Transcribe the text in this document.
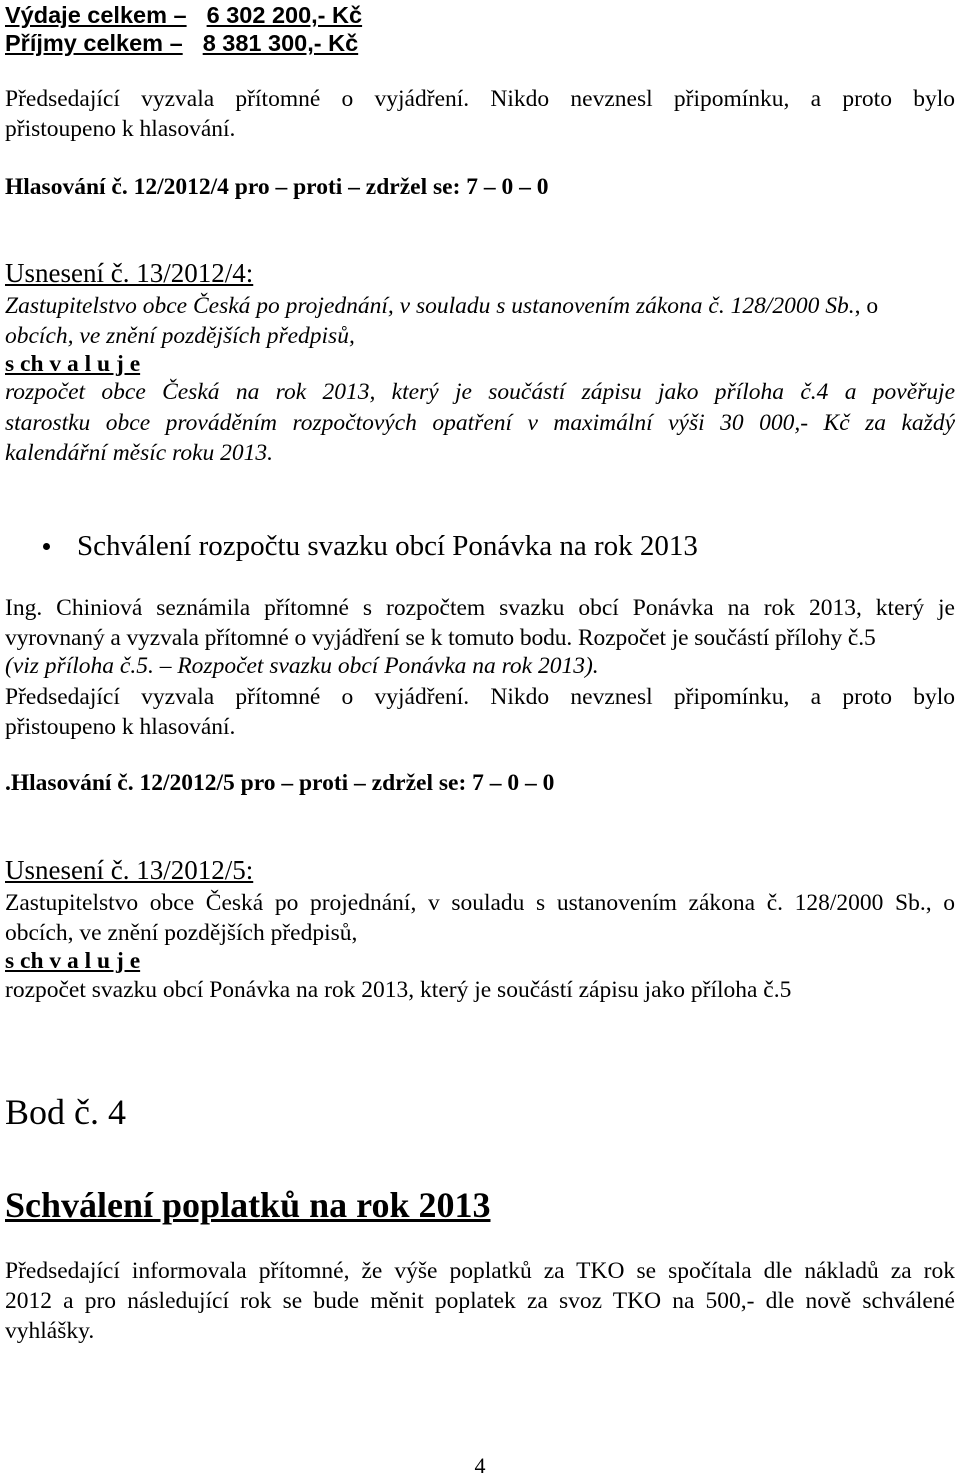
Výdaje celkem – 6 302 200,- Kč
Příjmy celkem – 8 381 300,- Kč
Předsedající vyzvala přítomné o vyjádření. Nikdo nevznesl připomínku, a proto bylo
přistoupeno k hlasování.
Hlasování č. 12/2012/4 pro – proti – zdržel se: 7 – 0 – 0
Usnesení č. 13/2012/4:
Zastupitelstvo obce Česká po projednání, v souladu s ustanovením zákona č. 128/2000 Sb., o
obcích, ve znění pozdějších předpisů,
s ch v a l u j e
rozpočet obce Česká na rok 2013, který je součástí zápisu jako příloha č.4 a pověřuje
starostku obce prováděním rozpočtových opatření v maximální výši 30 000,- Kč za každý
kalendářní měsíc roku 2013.
Schválení rozpočtu svazku obcí Ponávka na rok 2013
Ing. Chiniová seznámila přítomné s rozpočtem svazku obcí Ponávka na rok 2013, který je
vyrovnaný a vyzvala přítomné o vyjádření se k tomuto bodu. Rozpočet je součástí přílohy č.5
(viz příloha č.5. – Rozpočet svazku obcí Ponávka na rok 2013).
Předsedající vyzvala přítomné o vyjádření. Nikdo nevznesl připomínku, a proto bylo
přistoupeno k hlasování.
.Hlasování č. 12/2012/5 pro – proti – zdržel se: 7 – 0 – 0
Usnesení č. 13/2012/5:
Zastupitelstvo obce Česká po projednání, v souladu s ustanovením zákona č. 128/2000 Sb., o
obcích, ve znění pozdějších předpisů,
s ch v a l u j e
rozpočet svazku obcí Ponávka na rok 2013, který je součástí zápisu jako příloha č.5
Bod č. 4
Schválení poplatků na rok 2013
Předsedající informovala přítomné, že výše poplatků za TKO se spočítala dle nákladů za rok
2012 a pro následující rok se bude měnit poplatek za svoz TKO na 500,- dle nově schválené
vyhlášky.
4
